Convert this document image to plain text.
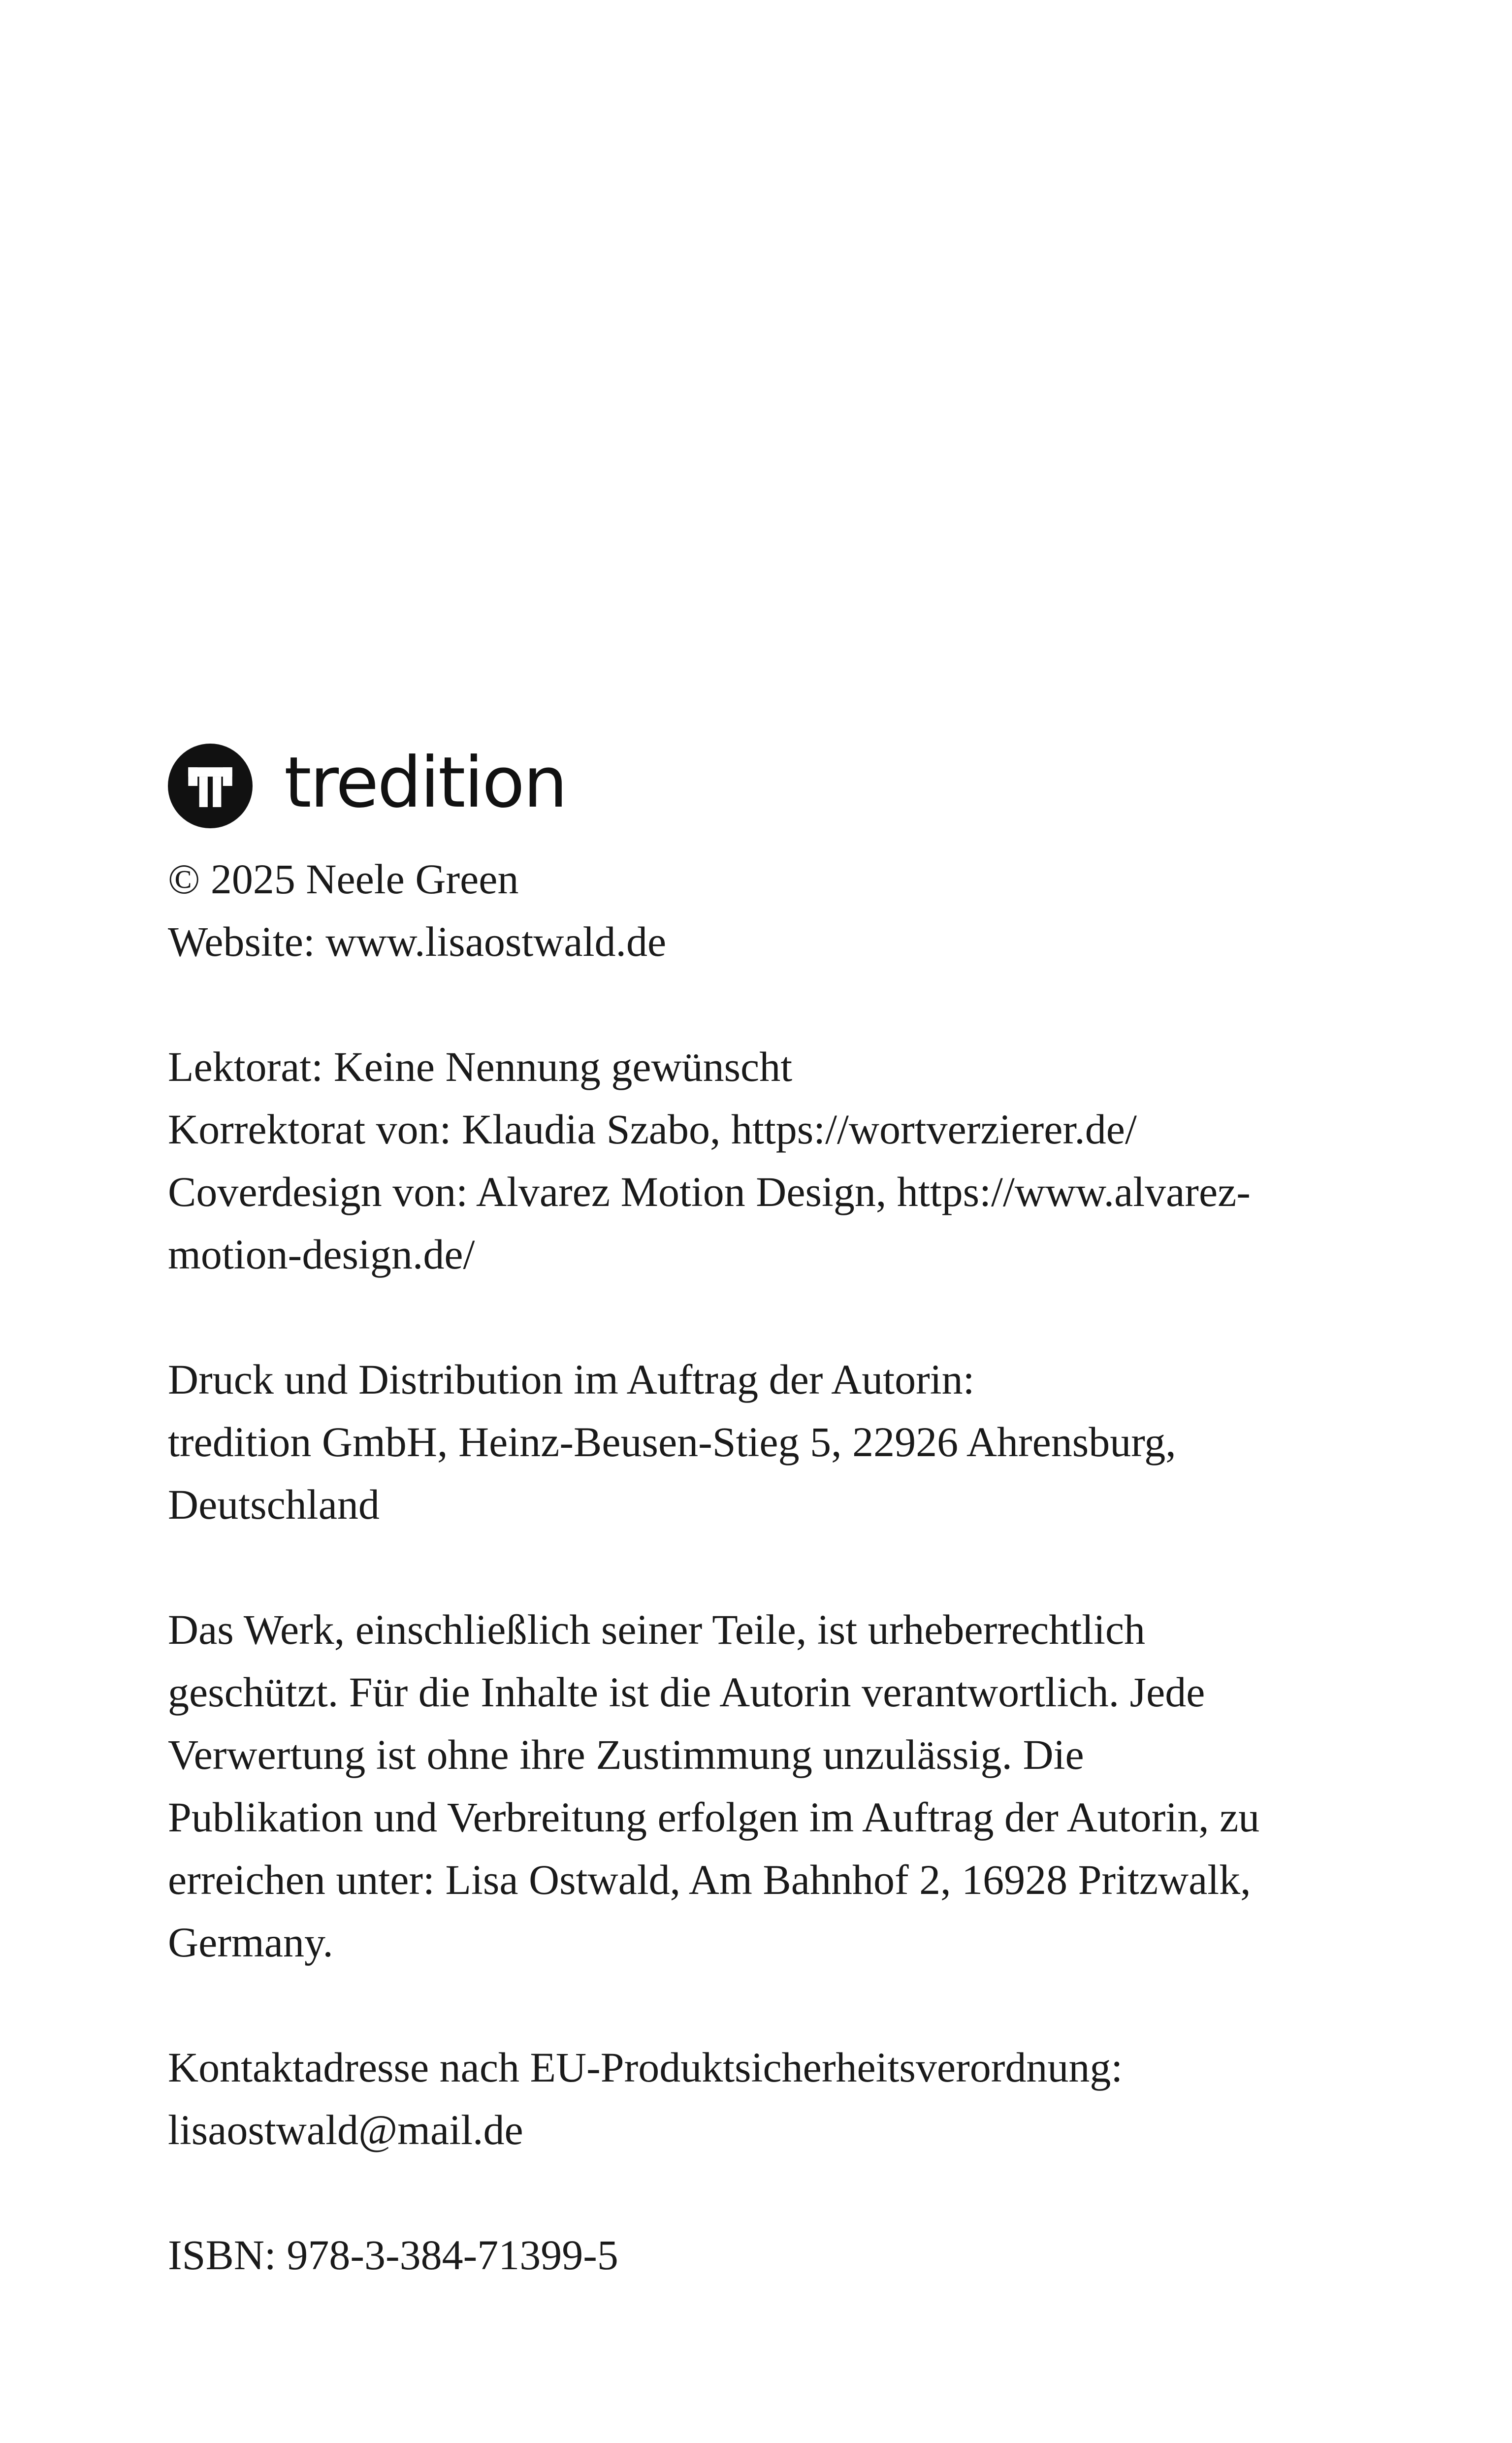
tredition

© 2025 Neele Green
Website: www.lisaostwald.de

Lektorat: Keine Nennung gewünscht
Korrektorat von: Klaudia Szabo, https://wortverzierer.de/
Coverdesign von: Alvarez Motion Design, https://www.alvarez-
motion-design.de/

Druck und Distribution im Auftrag der Autorin:
tredition GmbH, Heinz-Beusen-Stieg 5, 22926 Ahrensburg,
Deutschland

Das Werk, einschließlich seiner Teile, ist urheberrechtlich
geschützt. Für die Inhalte ist die Autorin verantwortlich. Jede
Verwertung ist ohne ihre Zustimmung unzulässig. Die
Publikation und Verbreitung erfolgen im Auftrag der Autorin, zu
erreichen unter: Lisa Ostwald, Am Bahnhof 2, 16928 Pritzwalk,
Germany.

Kontaktadresse nach EU-Produktsicherheitsverordnung:
lisaostwald@mail.de

ISBN: 978-3-384-71399-5
